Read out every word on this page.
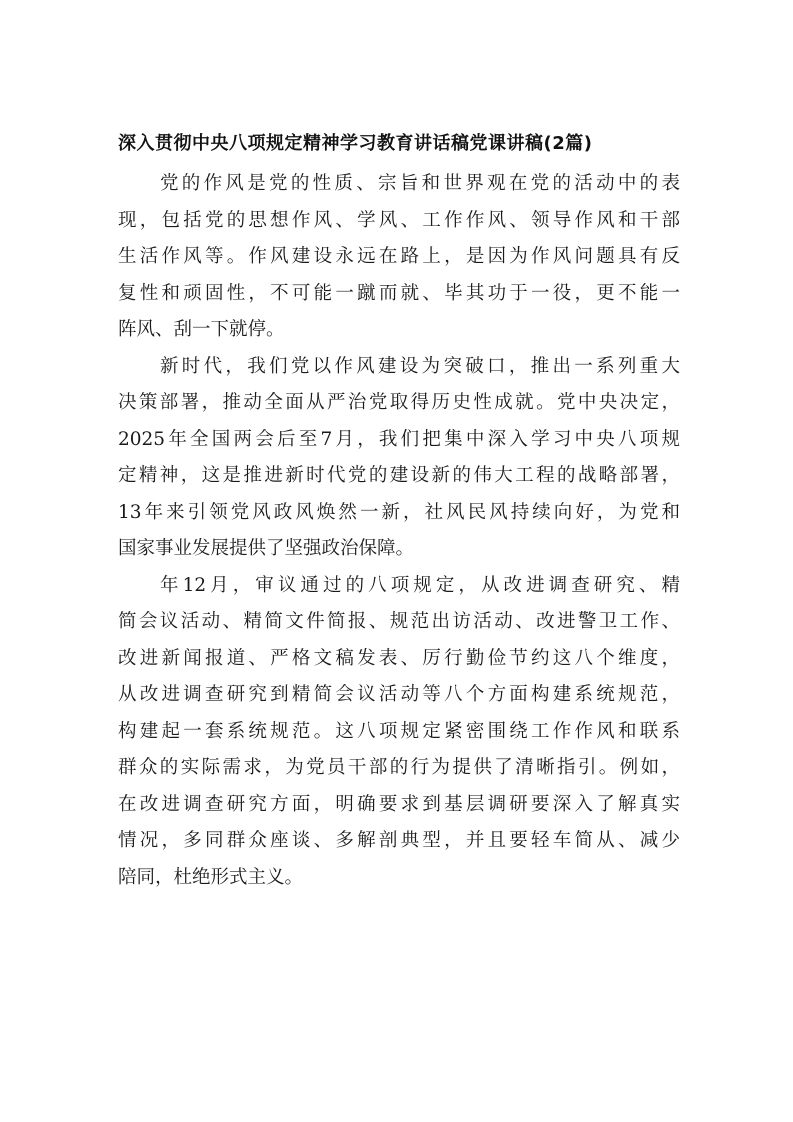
深入贯彻中央八项规定精神学习教育讲话稿党课讲稿(2篇)
党的作风是党的性质、宗旨和世界观在党的活动中的表
现，包括党的思想作风、学风、工作作风、领导作风和干部
生活作风等。作风建设永远在路上，是因为作风问题具有反
复性和顽固性，不可能一蹴而就、毕其功于一役，更不能一
阵风、刮一下就停。
新时代，我们党以作风建设为突破口，推出一系列重大
决策部署，推动全面从严治党取得历史性成就。党中央决定，
2025年全国两会后至7月，我们把集中深入学习中央八项规
定精神，这是推进新时代党的建设新的伟大工程的战略部署，
13年来引领党风政风焕然一新，社风民风持续向好，为党和
国家事业发展提供了坚强政治保障。
年12月，审议通过的八项规定，从改进调查研究、精
简会议活动、精简文件简报、规范出访活动、改进警卫工作、
改进新闻报道、严格文稿发表、厉行勤俭节约这八个维度，
从改进调查研究到精简会议活动等八个方面构建系统规范，
构建起一套系统规范。这八项规定紧密围绕工作作风和联系
群众的实际需求，为党员干部的行为提供了清晰指引。例如，
在改进调查研究方面，明确要求到基层调研要深入了解真实
情况，多同群众座谈、多解剖典型，并且要轻车简从、减少
陪同，杜绝形式主义。
